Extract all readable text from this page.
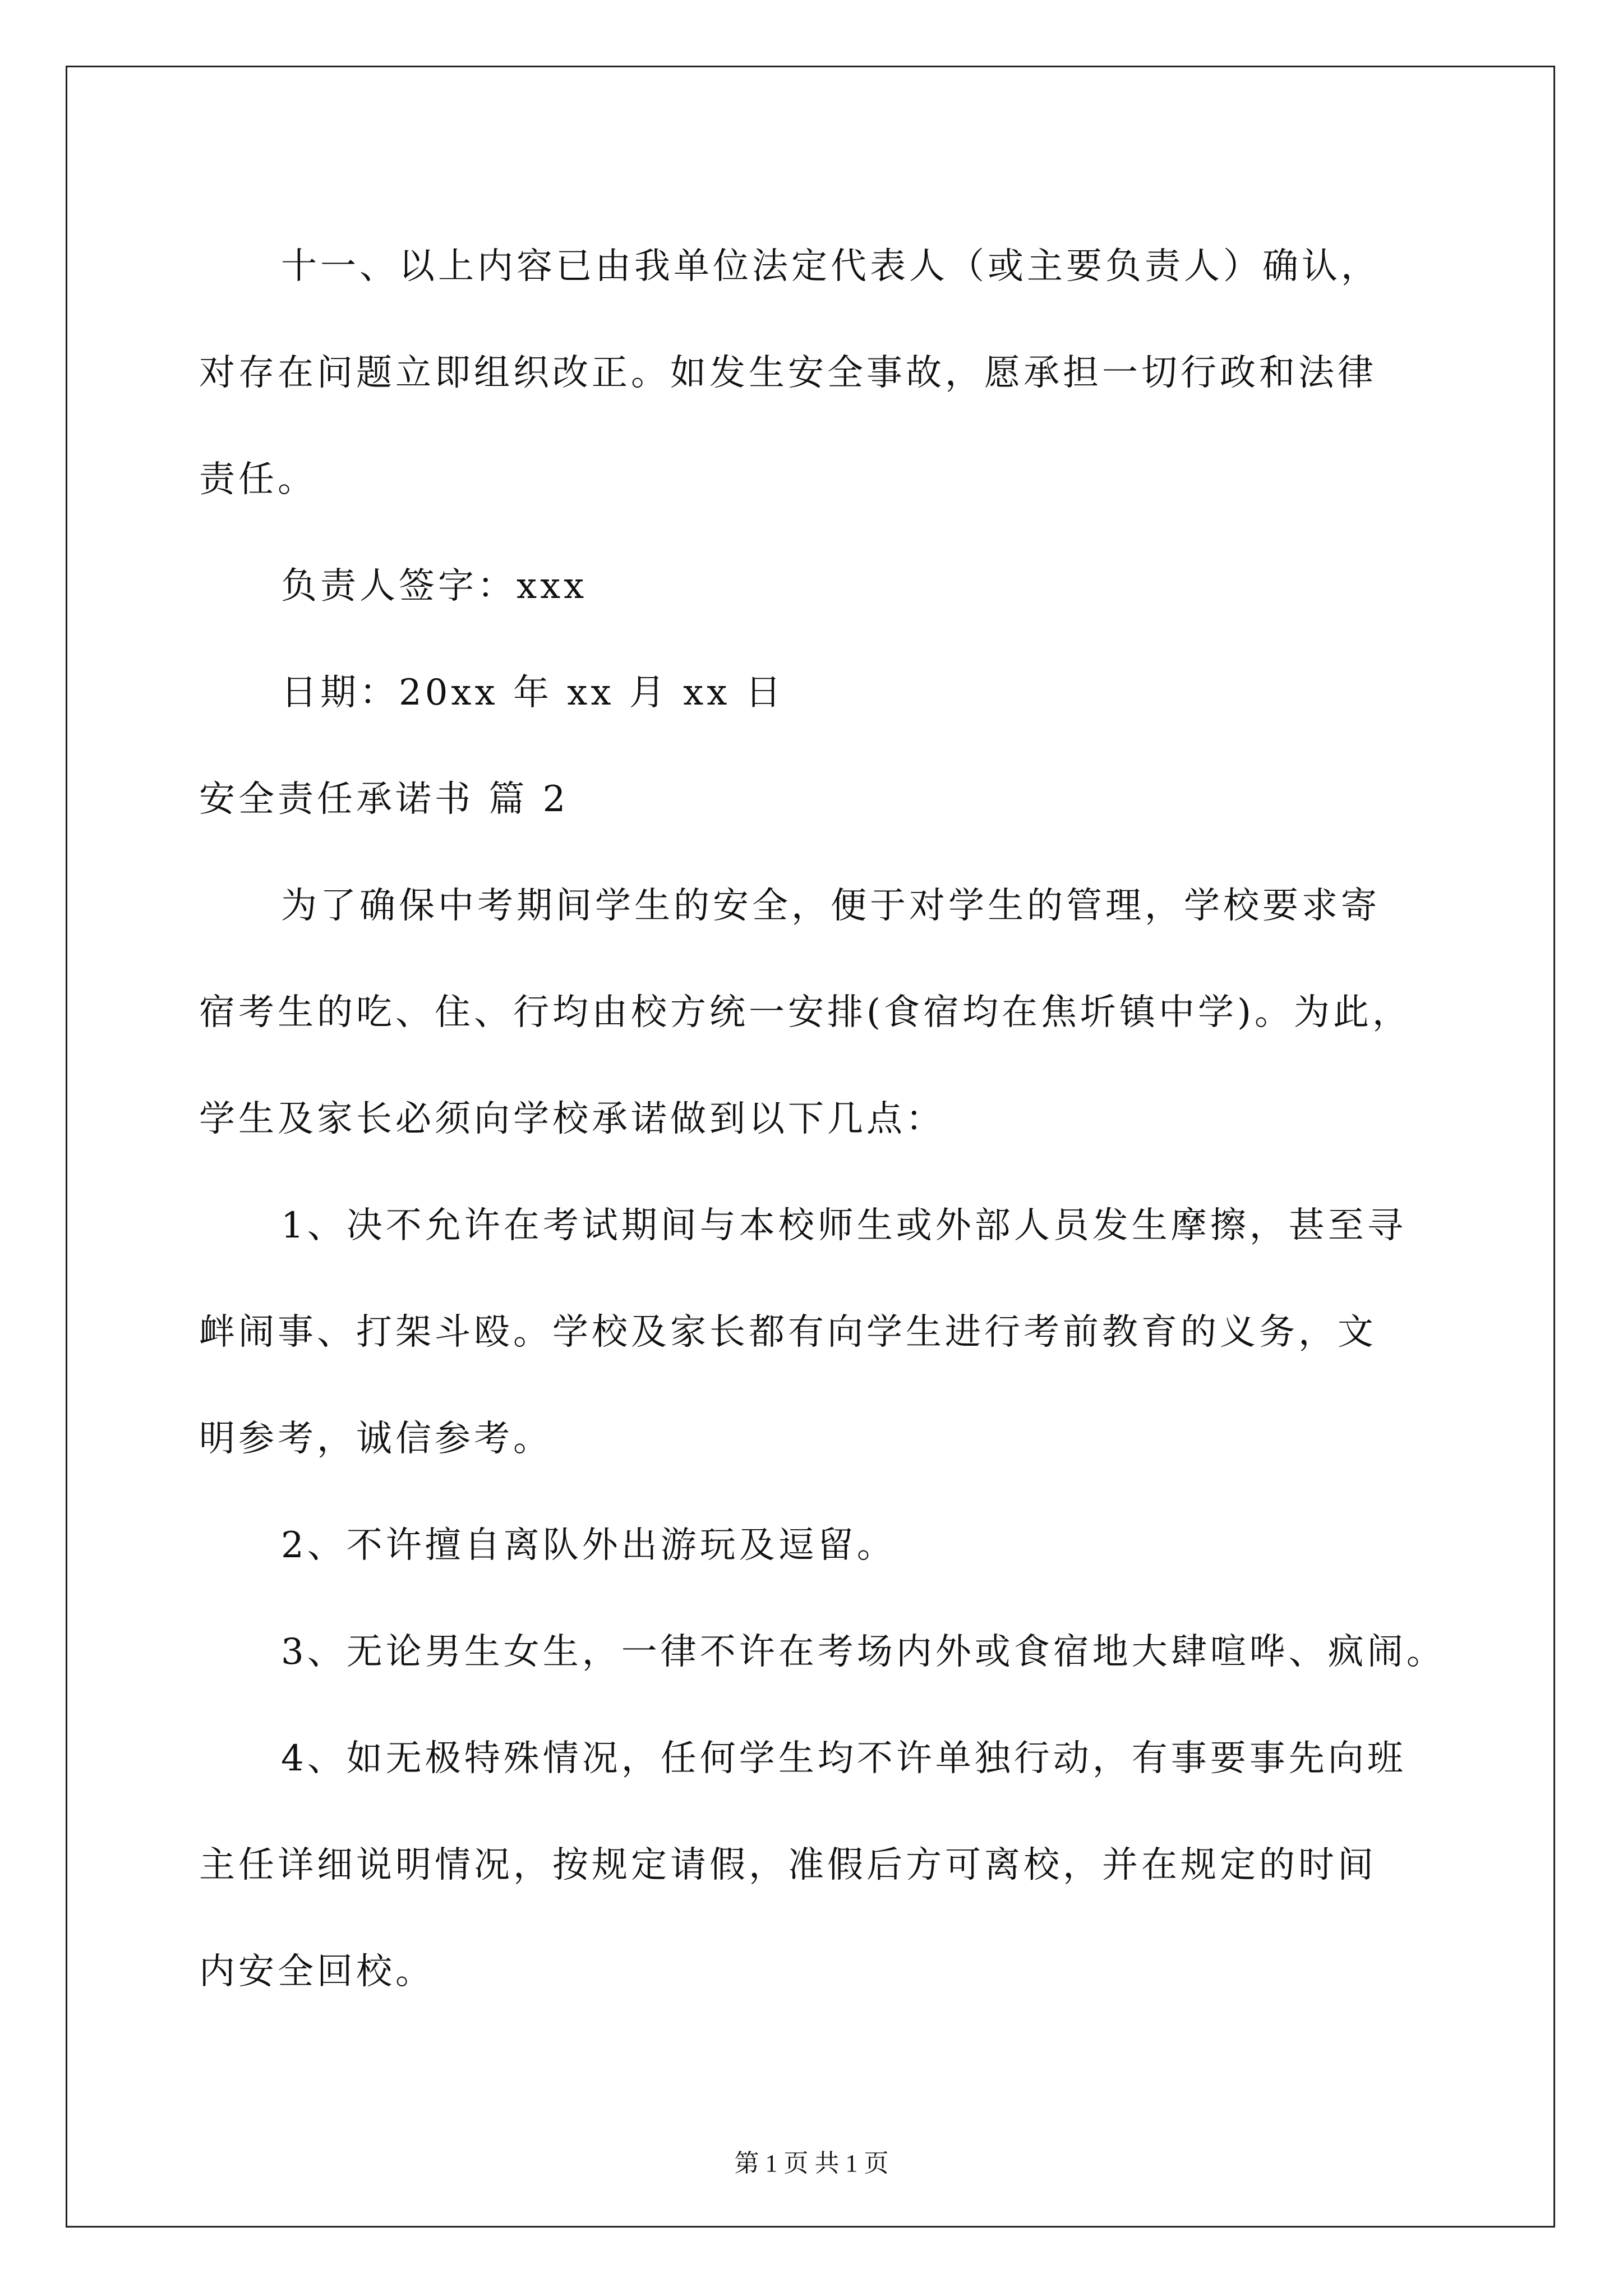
十一、以上内容已由我单位法定代表人（或主要负责人）确认，
对存在问题立即组织改正。如发生安全事故，愿承担一切行政和法律
责任。
负责人签字：xxx
日期：20xx 年 xx 月 xx 日
安全责任承诺书 篇 2
为了确保中考期间学生的安全，便于对学生的管理，学校要求寄
宿考生的吃、住、行均由校方统一安排(食宿均在焦圻镇中学)。为此，
学生及家长必须向学校承诺做到以下几点：
1、决不允许在考试期间与本校师生或外部人员发生摩擦，甚至寻
衅闹事、打架斗殴。学校及家长都有向学生进行考前教育的义务，文
明参考，诚信参考。
2、不许擅自离队外出游玩及逗留。
3、无论男生女生，一律不许在考场内外或食宿地大肆喧哗、疯闹。
4、如无极特殊情况，任何学生均不许单独行动，有事要事先向班
主任详细说明情况，按规定请假，准假后方可离校，并在规定的时间
内安全回校。
第 1 页 共 1 页
